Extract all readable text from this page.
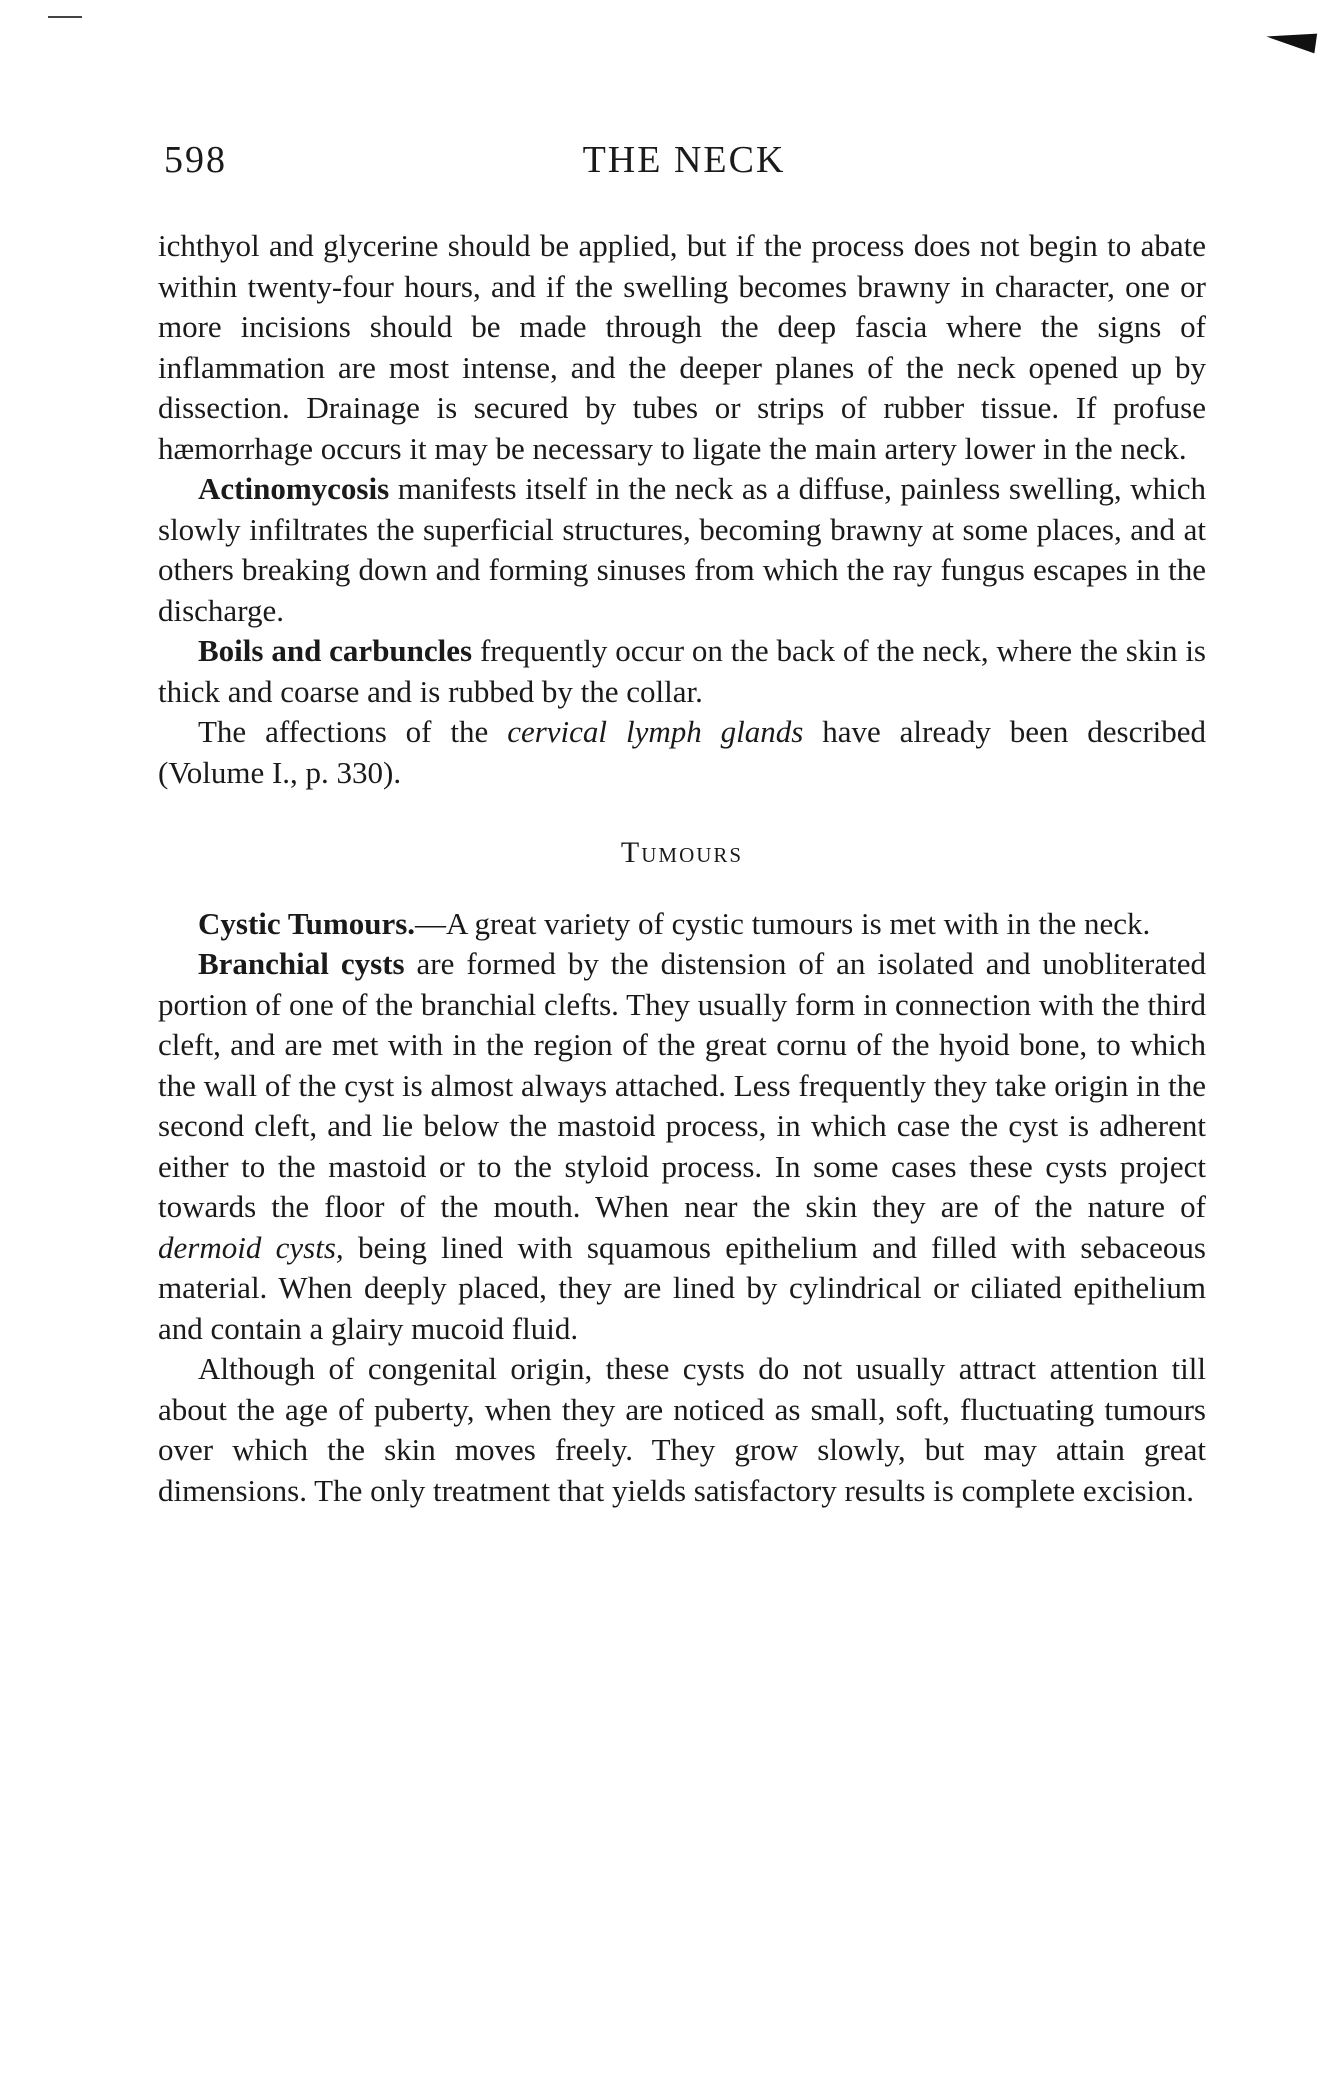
598	THE NECK

ichthyol and glycerine should be applied, but if the process does not begin to abate within twenty-four hours, and if the swelling becomes brawny in character, one or more incisions should be made through the deep fascia where the signs of inflammation are most intense, and the deeper planes of the neck opened up by dissection. Drainage is secured by tubes or strips of rubber tissue. If profuse hæmorrhage occurs it may be necessary to ligate the main artery lower in the neck.

Actinomycosis manifests itself in the neck as a diffuse, painless swelling, which slowly infiltrates the superficial structures, becoming brawny at some places, and at others breaking down and forming sinuses from which the ray fungus escapes in the discharge.

Boils and carbuncles frequently occur on the back of the neck, where the skin is thick and coarse and is rubbed by the collar.

The affections of the cervical lymph glands have already been described (Volume I., p. 330).

Tumours

Cystic Tumours.—A great variety of cystic tumours is met with in the neck.

Branchial cysts are formed by the distension of an isolated and unobliterated portion of one of the branchial clefts. They usually form in connection with the third cleft, and are met with in the region of the great cornu of the hyoid bone, to which the wall of the cyst is almost always attached. Less frequently they take origin in the second cleft, and lie below the mastoid process, in which case the cyst is adherent either to the mastoid or to the styloid process. In some cases these cysts project towards the floor of the mouth. When near the skin they are of the nature of dermoid cysts, being lined with squamous epithelium and filled with sebaceous material. When deeply placed, they are lined by cylindrical or ciliated epithelium and contain a glairy mucoid fluid.

Although of congenital origin, these cysts do not usually attract attention till about the age of puberty, when they are noticed as small, soft, fluctuating tumours over which the skin moves freely. They grow slowly, but may attain great dimensions. The only treatment that yields satisfactory results is complete excision.
